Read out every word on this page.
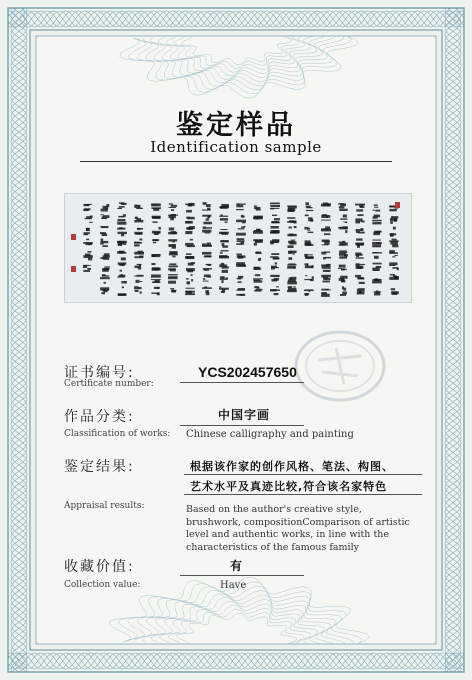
鉴定样品
Identification sample
证书编号:
Certificate number:
YCS202457650
作品分类:	中国字画
Classification of works: Chinese calligraphy and painting
鉴定结果:	根据该作家的创作风格、笔法、构图、
艺术水平及真迹比较,符合该名家特色
Appraisal results:	Based on the author's creative style, brushwork, compositionComparison of artistic level and authentic works, in line with the characteristics of the famous family
收藏价值:	有
Collection value:	Have
